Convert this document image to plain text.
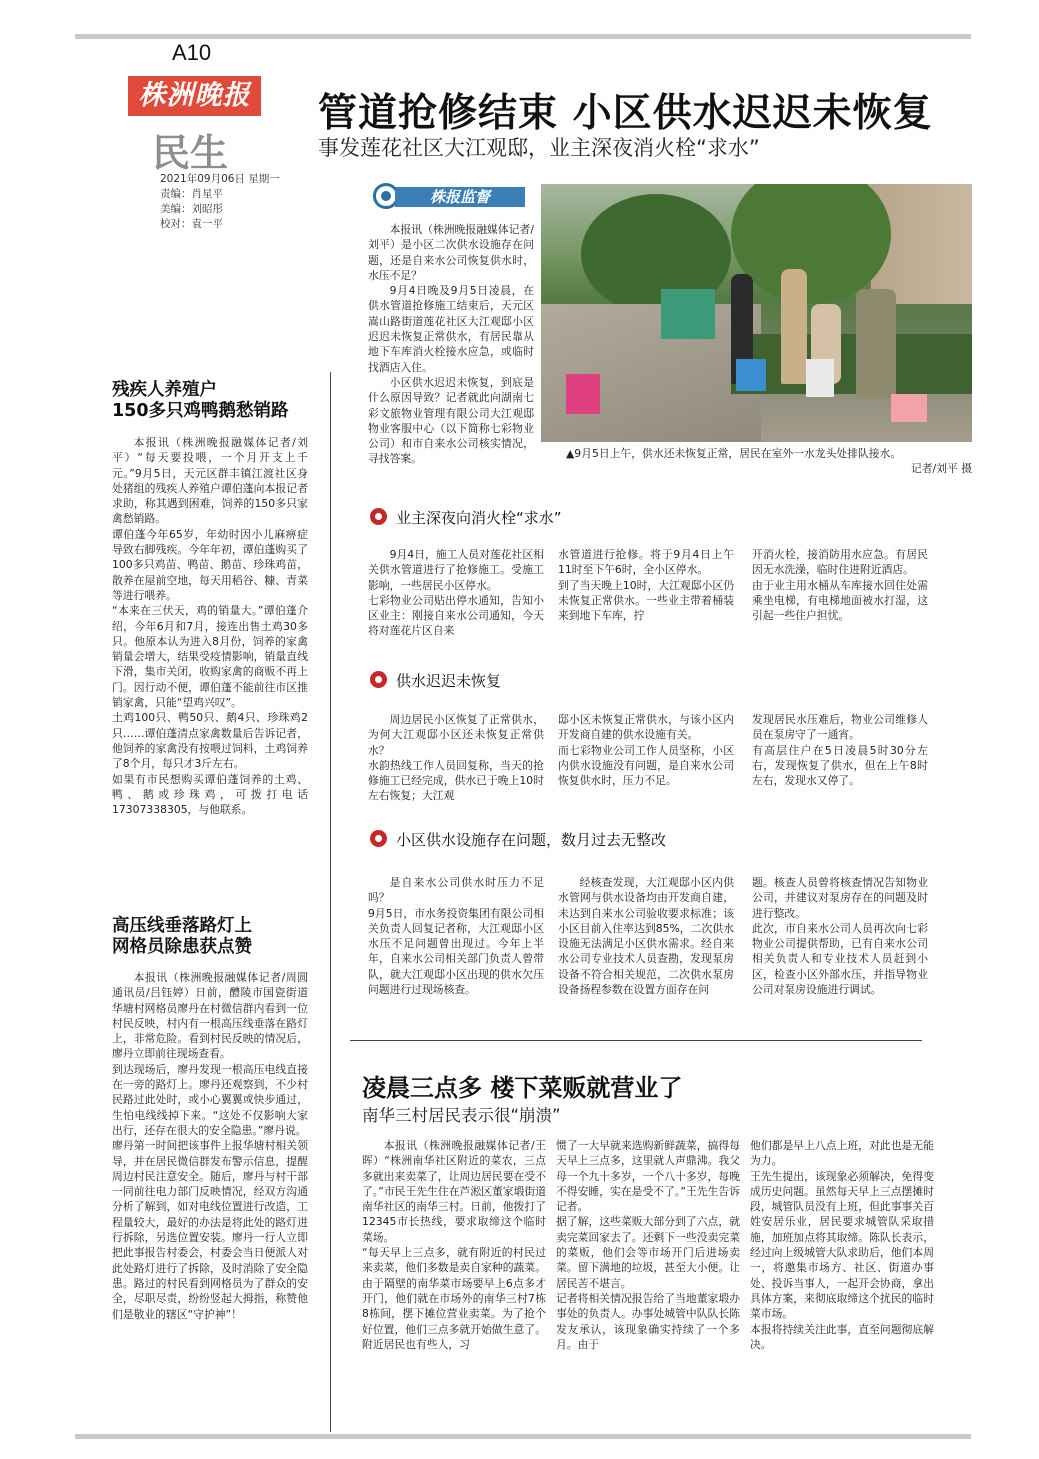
A10
株洲晚报
民生
2021年09月06日 星期一
责编：肖星平
美编：刘昭彤
校对：袁一平
管道抢修结束 小区供水迟迟未恢复
事发莲花社区大江观邸，业主深夜消火栓“求水”
株报监督

本报讯（株洲晚报融媒体记者/刘平）是小区二次供水设施存在问题，还是自来水公司恢复供水时，水压不足？

9月4日晚及9月5日凌晨，在供水管道抢修施工结束后，天元区嵩山路街道莲花社区大江观邸小区迟迟未恢复正常供水，有居民靠从地下车库消火栓接水应急，或临时找酒店入住。

小区供水迟迟未恢复，到底是什么原因导致？记者就此向湖南七彩文旅物业管理有限公司大江观邸物业客服中心（以下简称七彩物业公司）和市自来水公司核实情况，寻找答案。	▲9月5日上午，供水还未恢复正常，居民在室外一水龙头处排队接水。
记者/刘平 摄
业主深夜向消火栓“求水”

9月4日，施工人员对莲花社区相关供水管道进行了抢修施工。受施工影响，一些居民小区停水。
七彩物业公司贴出停水通知，告知小区业主：刚接自来水公司通知，今天将对莲花片区自来

水管道进行抢修。将于9月4日上午11时至下午6时，全小区停水。
到了当天晚上10时，大江观邸小区仍未恢复正常供水。一些业主带着桶装来到地下车库，拧

开消火栓，接消防用水应急。有居民因无水洗澡，临时住进附近酒店。
由于业主用水桶从车库接水回住处需乘坐电梯，有电梯地面被水打湿，这引起一些住户担忧。

供水迟迟未恢复

周边居民小区恢复了正常供水，为何大江观邸小区还未恢复正常供水？
水韵热线工作人员回复称，当天的抢修施工已经完成，供水已于晚上10时左右恢复；大江观

邸小区未恢复正常供水，与该小区内开发商自建的供水设施有关。
而七彩物业公司工作人员坚称，小区内供水设施没有问题，是自来水公司恢复供水时，压力不足。

发现居民水压难后，物业公司维修人员在泵房守了一通宵。
有高层住户在5日凌晨5时30分左右，发现恢复了供水，但在上午8时左右，发现水又停了。

小区供水设施存在问题，数月过去无整改

是自来水公司供水时压力不足吗？
9月5日，市水务投资集团有限公司相关负责人回复记者称，大江观邸小区水压不足问题曾出现过。今年上半年，自来水公司相关部门负责人曾带队，就大江观邸小区出现的供水欠压问题进行过现场核查。

经核查发现，大江观邸小区内供水管网与供水设备均由开发商自建，未达到自来水公司验收要求标准；该小区目前入住率达到85%，二次供水设施无法满足小区供水需求。经自来水公司专业技术人员查勘，发现泵房设备不符合相关规范，二次供水泵房设备扬程参数在设置方面存在问

题。核查人员曾将核查情况告知物业公司，并建议对泵房存在的问题及时进行整改。
此次，市自来水公司人员再次向七彩物业公司提供帮助，已有自来水公司相关负责人和专业技术人员赶到小区，检查小区外部水压，并指导物业公司对泵房设施进行调试。

残疾人养殖户
150多只鸡鸭鹅愁销路

本报讯（株洲晚报融媒体记者/刘平）“每天要投喂，一个月开支上千元。”9月5日，天元区群丰镇江渡社区身处猪组的残疾人养殖户谭伯蓬向本报记者求助，称其遇到困难，饲养的150多只家禽愁销路。
谭伯蓬今年65岁，年幼时因小儿麻痹症导致右脚残疾。今年年初，谭伯蓬购买了100多只鸡苗、鸭苗、鹅苗、珍珠鸡苗，散养在屋前空地，每天用稻谷、糠、青菜等进行喂养。
“本来在三伏天，鸡的销量大。”谭伯蓬介绍，今年6月和7月，接连出售土鸡30多只。他原本认为进入8月份，饲养的家禽销量会增大，结果受疫情影响，销量直线下滑，集市关闭，收购家禽的商贩不再上门。因行动不便，谭伯蓬不能前往市区推销家禽，只能“望鸡兴叹”。
土鸡100只、鸭50只、鹅4只、珍珠鸡2只……谭伯蓬清点家禽数量后告诉记者，他饲养的家禽没有按喂过饲料，土鸡饲养了8个月，每只才3斤左右。
如果有市民想购买谭伯蓬饲养的土鸡、鸭、鹅或珍珠鸡，可拨打电话17307338305，与他联系。

高压线垂落路灯上
网格员除患获点赞

本报讯（株洲晚报融媒体记者/周圆通讯员/吕钰婷）日前，醴陵市国瓷街道华塘村网格员廖丹在村微信群内看到一位村民反映，村内有一根高压线垂落在路灯上，非常危险。看到村民反映的情况后，廖丹立即前往现场查看。
到达现场后，廖丹发现一根高压电线直接在一旁的路灯上。廖丹还观察到，不少村民路过此处时，或小心翼翼或快步通过，生怕电线线掉下来。“这处不仅影响大家出行，还存在很大的安全隐患。”廖丹说。
廖丹第一时间把该事件上报华塘村相关领导，并在居民微信群发布警示信息，提醒周边村民注意安全。随后，廖丹与村干部一同前往电力部门反映情况，经双方沟通分析了解到，如对电线位置进行改造，工程量较大，最好的办法是将此处的路灯进行拆除，另选位置安装。廖丹一行人立即把此事报告村委会，村委会当日便派人对此处路灯进行了拆除，及时消除了安全隐患。路过的村民看到网格员为了群众的安全，尽职尽责，纷纷竖起大拇指，称赞他们是敬业的辖区“守护神”！

凌晨三点多 楼下菜贩就营业了
南华三村居民表示很“崩溃”

本报讯（株洲晚报融媒体记者/王晖）“株洲南华社区附近的菜农，三点多就出来卖菜了，让周边居民要在受不了。”市民王先生住在芦淞区董家塅街道南华社区的南华三村。日前，他拨打了12345市长热线，要求取缔这个临时菜场。
“每天早上三点多，就有附近的村民过来卖菜，他们多数是卖自家种的蔬菜。由于隔壁的南华菜市场要早上6点多才开门，他们就在市场外的南华三村7栋8栋间，摆下摊位营业卖菜。为了抢个好位置，他们三点多就开始做生意了。附近居民也有些人，习

惯了一大早就来选购新鲜蔬菜，搞得每天早上三点多，这里就人声鼎沸。我父母一个九十多岁，一个八十多岁，每晚不得安睡，实在是受不了。”王先生告诉记者。
据了解，这些菜贩大部分到了六点，就卖完菜回家去了。还剩下一些没卖完菜的菜贩，他们会等市场开门后进场卖菜。留下满地的垃圾，甚至大小便。让居民苦不堪言。
记者将相关情况报告给了当地董家塅办事处的负责人。办事处城管中队队长陈发友承认，该现象确实持续了一个多月。由于

他们都是早上八点上班，对此也是无能为力。
王先生提出，该现象必须解决，免得变成历史问题。虽然每天早上三点摆摊时段，城管队员没有上班，但此事事关百姓安居乐业，居民要求城管队采取措施，加班加点将其取缔。陈队长表示，经过向上级城管大队求助后，他们本周一，将邀集市场方、社区、街道办事处、投诉当事人，一起开会协商，拿出具体方案，来彻底取缔这个扰民的临时菜市场。
本报将持续关注此事，直至问题彻底解决。
